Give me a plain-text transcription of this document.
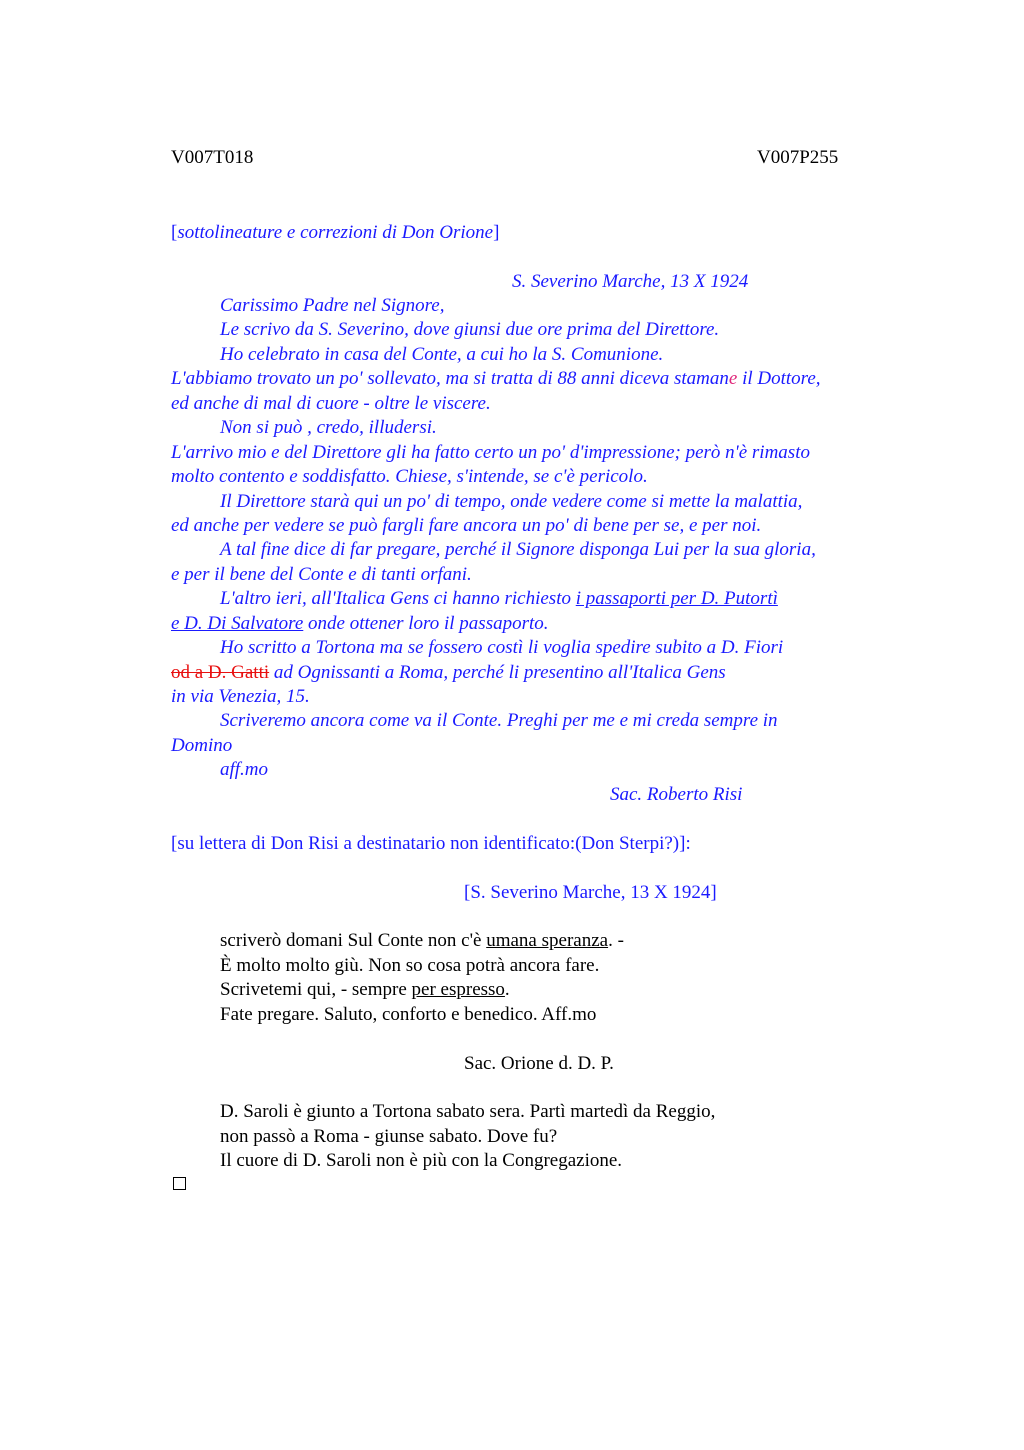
V007T018	V007P255
[sottolineature e correzioni di Don Orione]
S. Severino Marche, 13 X 1924
Carissimo Padre nel Signore,
Le scrivo da S. Severino, dove giunsi due ore prima del Direttore.
Ho celebrato in casa del Conte, a cui ho la S. Comunione.
L'abbiamo trovato un po' sollevato, ma si tratta di 88 anni diceva stamane il Dottore,
ed anche di mal di cuore - oltre le viscere.
Non si può , credo, illudersi.
L'arrivo mio e del Direttore gli ha fatto certo un po' d'impressione; però n'è rimasto
molto contento e soddisfatto. Chiese, s'intende, se c'è pericolo.
Il Direttore starà qui un po' di tempo, onde vedere come si mette la malattia,
ed anche per vedere se può fargli fare ancora un po' di bene per se, e per noi.
A tal fine dice di far pregare, perché il Signore disponga Lui per la sua gloria,
e per il bene del Conte e di tanti orfani.
L'altro ieri, all'Italica Gens ci hanno richiesto i passaporti per D. Putortì
e D. Di Salvatore onde ottener loro il passaporto.
Ho scritto a Tortona ma se fossero costì li voglia spedire subito a D. Fiori
od a D. Gatti ad Ognissanti a Roma, perché li presentino all'Italica Gens
in via Venezia, 15.
Scriveremo ancora come va il Conte. Preghi per me e mi creda sempre in
Domino
aff.mo
Sac. Roberto Risi
[su lettera di Don Risi a destinatario non identificato:(Don Sterpi?)]:
[S. Severino Marche, 13 X 1924]
scriverò domani Sul Conte non c'è umana speranza. -
È molto molto giù. Non so cosa potrà ancora fare.
Scrivetemi qui, - sempre per espresso.
Fate pregare. Saluto, conforto e benedico. Aff.mo
Sac. Orione d. D. P.
D. Saroli è giunto a Tortona sabato sera. Partì martedì da Reggio,
non passò a Roma - giunse sabato. Dove fu?
Il cuore di D. Saroli non è più con la Congregazione.
